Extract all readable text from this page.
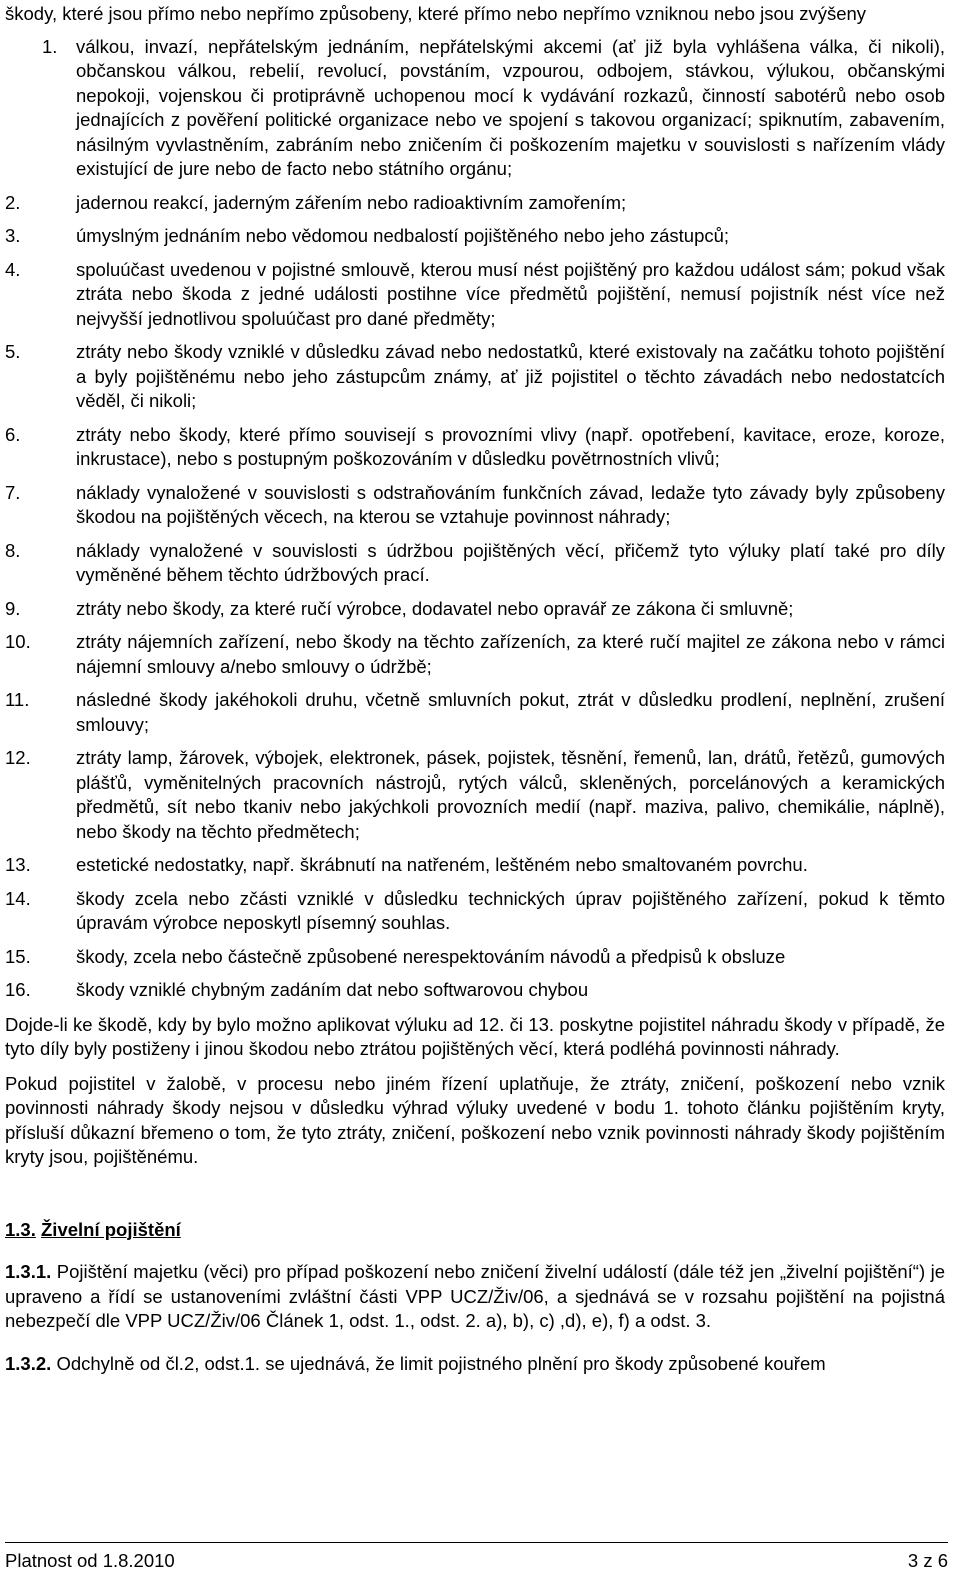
škody, které jsou přímo nebo nepřímo způsobeny, které přímo nebo nepřímo vzniknou nebo jsou zvýšeny

1.	válkou, invazí, nepřátelským jednáním, nepřátelskými akcemi (ať již byla vyhlášena válka, či nikoli), občanskou válkou, rebelií, revolucí, povstáním, vzpourou, odbojem, stávkou, výlukou, občanskými nepokoji, vojenskou či protiprávně uchopenou mocí k vydávání rozkazů, činností sabotérů nebo osob jednajících z pověření politické organizace nebo ve spojení s takovou organizací; spiknutím, zabavením, násilným vyvlastněním, zabráním nebo zničením či poškozením majetku v souvislosti s nařízením vlády existující de jure nebo de facto nebo státního orgánu;
2.	jadernou reakcí, jaderným zářením nebo radioaktivním zamořením;
3.	úmyslným jednáním nebo vědomou nedbalostí pojištěného nebo jeho zástupců;
4.	spoluúčast uvedenou v pojistné smlouvě, kterou musí nést pojištěný pro každou událost sám; pokud však ztráta nebo škoda z jedné události postihne více předmětů pojištění, nemusí pojistník nést více než nejvyšší jednotlivou spoluúčast pro dané předměty;
5.	ztráty nebo škody vzniklé v důsledku závad nebo nedostatků, které existovaly na začátku tohoto pojištění a byly pojištěnému nebo jeho zástupcům známy, ať již pojistitel o těchto závadách nebo nedostatcích věděl, či nikoli;
6.	ztráty nebo škody, které přímo souvisejí s provozními vlivy (např. opotřebení, kavitace, eroze, koroze, inkrustace), nebo s postupným poškozováním v důsledku povětrnostních vlivů;
7.	náklady vynaložené v souvislosti s odstraňováním funkčních závad, ledaže tyto závady byly způsobeny škodou na pojištěných věcech, na kterou se vztahuje povinnost náhrady;
8.	náklady vynaložené v souvislosti s údržbou pojištěných věcí, přičemž tyto výluky platí také pro díly vyměněné během těchto údržbových prací.
9.	ztráty nebo škody, za které ručí výrobce, dodavatel nebo opravář ze zákona či smluvně;
10.	ztráty nájemních zařízení, nebo škody na těchto zařízeních, za které ručí majitel ze zákona nebo v rámci nájemní smlouvy a/nebo smlouvy o údržbě;
11.	následné škody jakéhokoli druhu, včetně smluvních pokut, ztrát v důsledku prodlení, neplnění, zrušení smlouvy;
12.	ztráty lamp, žárovek, výbojek, elektronek, pásek, pojistek, těsnění, řemenů, lan, drátů, řetězů, gumových plášťů, vyměnitelných pracovních nástrojů, rytých válců, skleněných, porcelánových a keramických předmětů, sít nebo tkaniv nebo jakýchkoli provozních medií (např. maziva, palivo, chemikálie, náplně), nebo škody na těchto předmětech;
13.	estetické nedostatky, např. škrábnutí na natřeném, leštěném nebo smaltovaném povrchu.
14.	škody zcela nebo zčásti vzniklé v důsledku technických úprav pojištěného zařízení, pokud k těmto úpravám výrobce neposkytl písemný souhlas.
15.	škody, zcela nebo částečně způsobené nerespektováním návodů a předpisů k obsluze
16.	škody vzniklé chybným zadáním dat nebo softwarovou chybou

Dojde-li ke škodě, kdy by bylo možno aplikovat výluku ad 12. či 13. poskytne pojistitel náhradu škody v případě, že tyto díly byly postiženy i jinou škodou nebo ztrátou pojištěných věcí, která podléhá povinnosti náhrady.

Pokud pojistitel v žalobě, v procesu nebo jiném řízení uplatňuje, že ztráty, zničení, poškození nebo vznik povinnosti náhrady škody nejsou v důsledku výhrad výluky uvedené v bodu 1. tohoto článku pojištěním kryty, přísluší důkazní břemeno o tom, že tyto ztráty, zničení, poškození nebo vznik povinnosti náhrady škody pojištěním kryty jsou, pojištěnému.

1.3. Živelní pojištění

1.3.1. Pojištění majetku (věci) pro případ poškození nebo zničení živelní událostí (dále též jen „živelní pojištění“) je upraveno a řídí se ustanoveními zvláštní části VPP UCZ/Živ/06, a sjednává se v rozsahu pojištění na pojistná nebezpečí dle VPP UCZ/Živ/06 Článek 1, odst. 1., odst. 2. a), b), c) ,d), e), f) a odst. 3.

1.3.2. Odchylně od čl.2, odst.1. se ujednává, že limit pojistného plnění pro škody způsobené kouřem

Platnost od 1.8.2010	3 z 6
